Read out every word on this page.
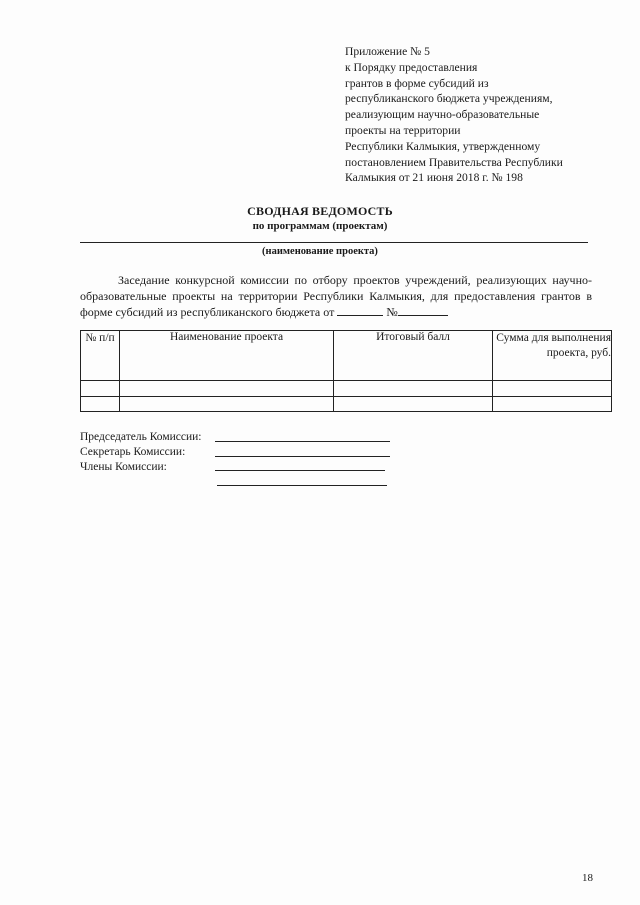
Приложение № 5
к Порядку предоставления
грантов в форме субсидий из
республиканского бюджета учреждениям,
реализующим научно-образовательные
проекты на территории
Республики Калмыкия, утвержденному
постановлением Правительства Республики
Калмыкия от 21 июня 2018 г. № 198
СВОДНАЯ ВЕДОМОСТЬ
по программам (проектам)
(наименование проекта)
Заседание конкурсной комиссии по отбору проектов учреждений, реализующих научно-образовательные проекты на территории Республики Калмыкия, для предоставления грантов в форме субсидий из республиканского бюджета от	№
№ п/п	Наименование проекта	Итоговый балл	Сумма для выполнения проекта, руб.

Председатель Комиссии:
Секретарь Комиссии:
Члены Комиссии:
18
